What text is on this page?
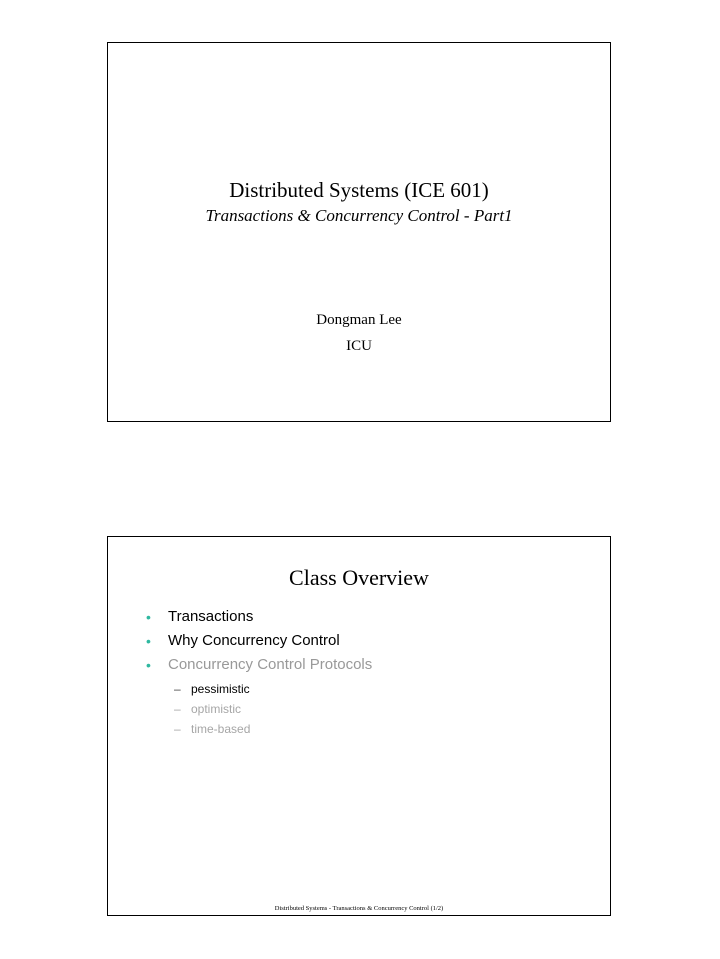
Distributed Systems (ICE 601)
Transactions & Concurrency Control - Part1
Dongman Lee
ICU
Class Overview
• Transactions
• Why Concurrency Control
• Concurrency Control Protocols
– pessimistic
– optimistic
– time-based
Distributed Systems - Transactions & Concurrency Control (1/2)
